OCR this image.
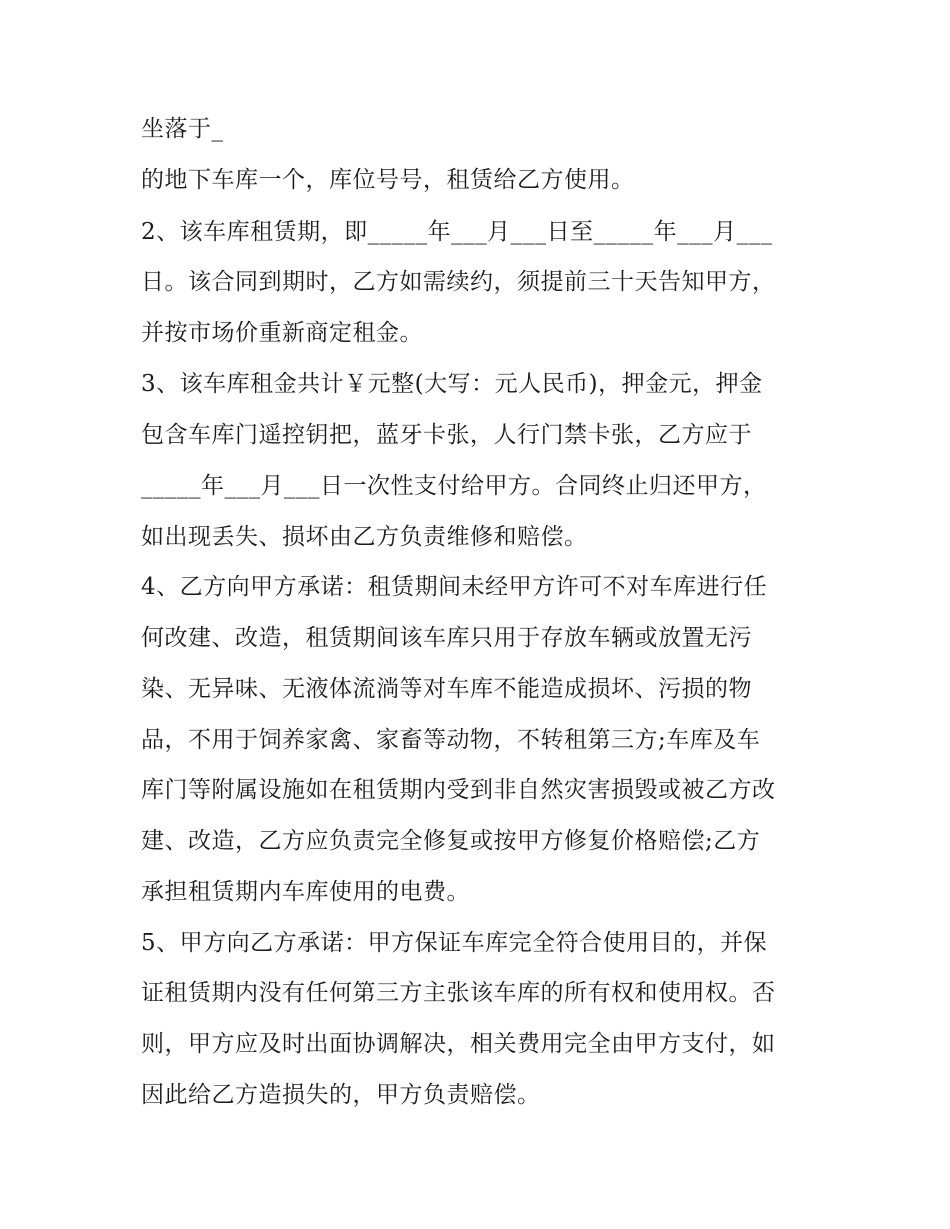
坐落于_
的地下车库一个，库位号号，租赁给乙方使用。
2、该车库租赁期，即_____年___月___日至_____年___月___
日。该合同到期时，乙方如需续约，须提前三十天告知甲方，
并按市场价重新商定租金。
3、该车库租金共计￥元整(大写：元人民币)，押金元，押金
包含车库门遥控钥把，蓝牙卡张，人行门禁卡张，乙方应于
_____年___月___日一次性支付给甲方。合同终止归还甲方，
如出现丢失、损坏由乙方负责维修和赔偿。
4、乙方向甲方承诺：租赁期间未经甲方许可不对车库进行任
何改建、改造，租赁期间该车库只用于存放车辆或放置无污
染、无异味、无液体流淌等对车库不能造成损坏、污损的物
品，不用于饲养家禽、家畜等动物，不转租第三方;车库及车
库门等附属设施如在租赁期内受到非自然灾害损毁或被乙方改
建、改造，乙方应负责完全修复或按甲方修复价格赔偿;乙方
承担租赁期内车库使用的电费。
5、甲方向乙方承诺：甲方保证车库完全符合使用目的，并保
证租赁期内没有任何第三方主张该车库的所有权和使用权。否
则，甲方应及时出面协调解决，相关费用完全由甲方支付，如
因此给乙方造损失的，甲方负责赔偿。
